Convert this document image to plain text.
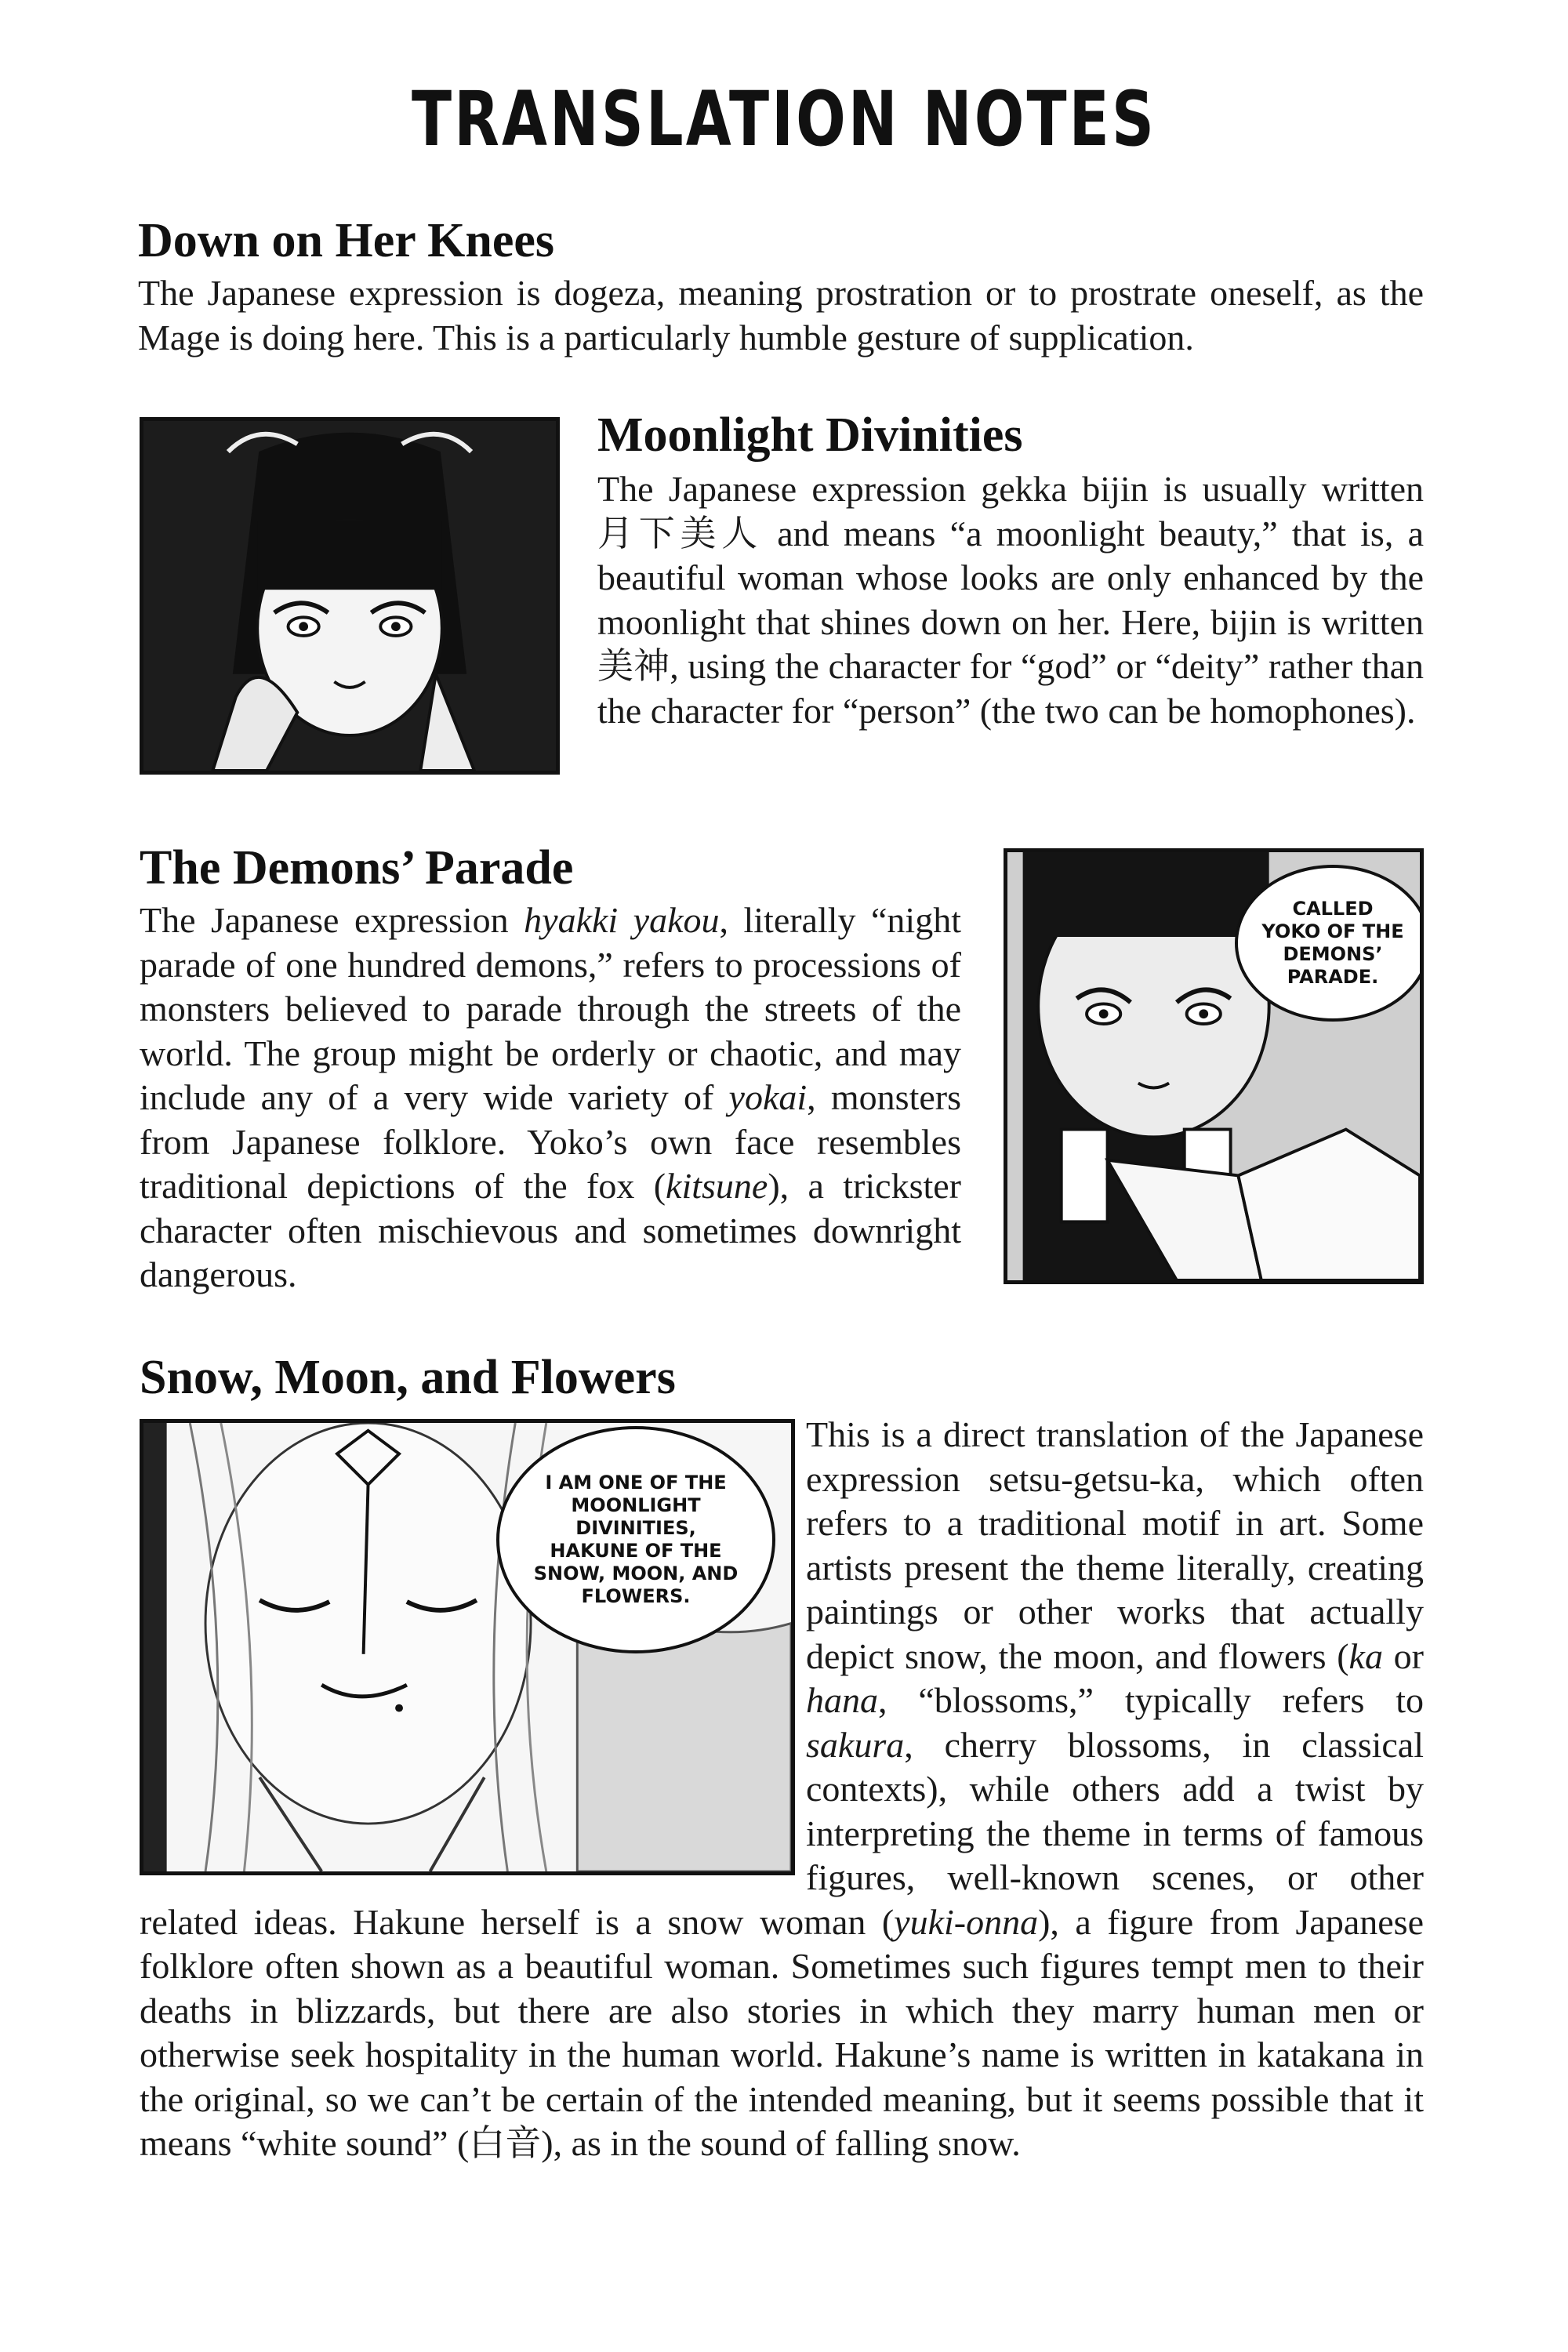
TRANSLATION NOTES
Down on Her Knees

The Japanese expression is dogeza, meaning prostration or to prostrate oneself, as the Mage is doing here. This is a particularly humble gesture of supplication.

Moonlight Divinities

The Japanese expression gekka bijin is usually written 月下美人 and means “a moonlight beauty,” that is, a beautiful woman whose looks are only enhanced by the moonlight that shines down on her. Here, bijin is written 美神, using the character for “god” or “deity” rather than the character for “person” (the two can be homophones).

The Demons’ Parade

The Japanese expression hyakki yakou, literally “night parade of one hundred demons,” refers to processions of monsters believed to parade through the streets of the world. The group might be orderly or chaotic, and may include any of a very wide variety of yokai, monsters from Japanese folklore. Yoko’s own face resembles traditional depictions of the fox (kitsune), a trickster character often mischievous and sometimes downright dangerous.

CALLED YOKO OF THE DEMONS’ PARADE.
Snow, Moon, and Flowers
I AM ONE OF THE MOONLIGHT DIVINITIES, HAKUNE OF THE SNOW, MOON, AND FLOWERS.

This is a direct translation of the Japanese expression setsu-getsu-ka, which often refers to a traditional motif in art. Some artists present the theme literally, creating paintings or other works that actually depict snow, the moon, and flowers (ka or hana, “blossoms,” typically refers to sakura, cherry blossoms, in classical contexts), while others add a twist by interpreting the theme in terms of famous figures, well-known scenes, or other related ideas. Hakune herself is a snow woman (yuki-onna), a figure from Japanese folklore often shown as a beautiful woman. Sometimes such figures tempt men to their deaths in blizzards, but there are also stories in which they marry human men or otherwise seek hospitality in the human world. Hakune’s name is written in katakana in the original, so we can’t be certain of the intended meaning, but it seems possible that it means “white sound” (白音), as in the sound of falling snow.
